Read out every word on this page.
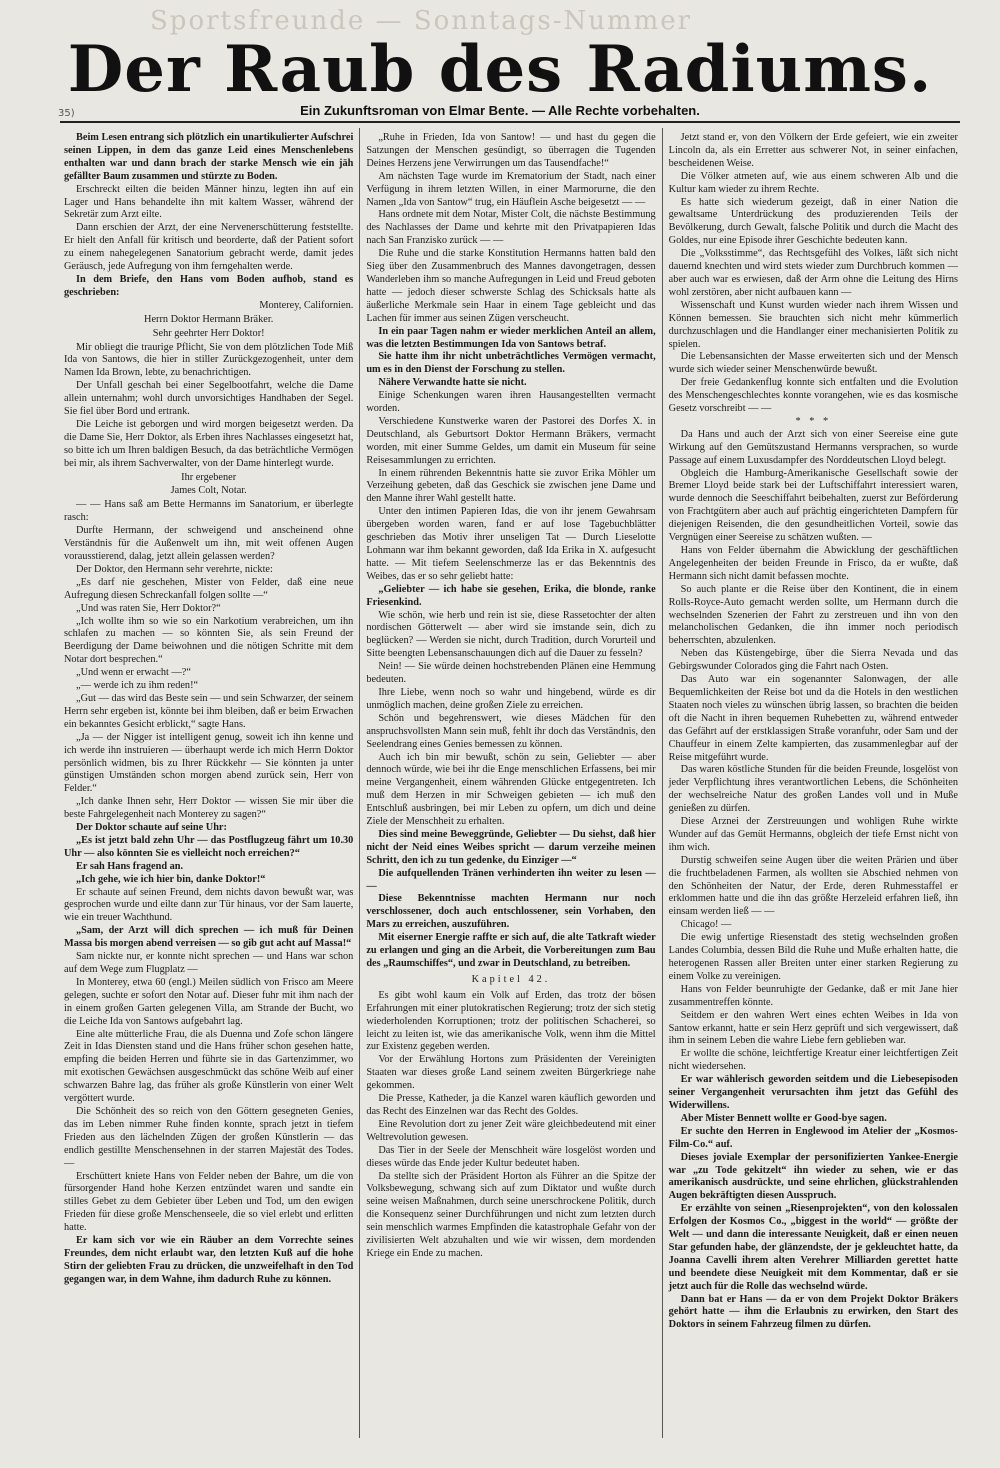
Sportsfreunde — Sonntags-Nummer
Der Raub des Radiums.
35)	Ein Zukunftsroman von Elmar Bente. — Alle Rechte vorbehalten.

Beim Lesen entrang sich plötzlich ein unartikulierter Aufschrei seinen Lippen, in dem das ganze Leid eines Menschenlebens enthalten war und dann brach der starke Mensch wie ein jäh gefällter Baum zusammen und stürzte zu Boden.

Erschreckt eilten die beiden Männer hinzu, legten ihn auf ein Lager und Hans behandelte ihn mit kaltem Wasser, während der Sekretär zum Arzt eilte.

Dann erschien der Arzt, der eine Nervenerschütterung feststellte. Er hielt den Anfall für kritisch und beorderte, daß der Patient sofort zu einem nahegelegenen Sanatorium gebracht werde, damit jedes Geräusch, jede Aufregung von ihm ferngehalten werde.

In dem Briefe, den Hans vom Boden aufhob, stand es geschrieben:

Monterey, Californien.

Herrn Doktor Hermann Bräker.

Sehr geehrter Herr Doktor!

Mir obliegt die traurige Pflicht, Sie von dem plötzlichen Tode Miß Ida von Santows, die hier in stiller Zurückgezogenheit, unter dem Namen Ida Brown, lebte, zu benachrichtigen.

Der Unfall geschah bei einer Segelbootfahrt, welche die Dame allein unternahm; wohl durch unvorsichtiges Handhaben der Segel. Sie fiel über Bord und ertrank.

Die Leiche ist geborgen und wird morgen beigesetzt werden. Da die Dame Sie, Herr Doktor, als Erben ihres Nachlasses eingesetzt hat, so bitte ich um Ihren baldigen Besuch, da das beträchtliche Vermögen bei mir, als ihrem Sachverwalter, von der Dame hinterlegt wurde.

Ihr ergebener

James Colt, Notar.

— — Hans saß am Bette Hermanns im Sanatorium, er überlegte rasch:

Durfte Hermann, der schweigend und anscheinend ohne Verständnis für die Außenwelt um ihn, mit weit offenen Augen vorausstierend, dalag, jetzt allein gelassen werden?

Der Doktor, den Hermann sehr verehrte, nickte:

„Es darf nie geschehen, Mister von Felder, daß eine neue Aufregung diesen Schreckanfall folgen sollte —“

„Und was raten Sie, Herr Doktor?“

„Ich wollte ihm so wie so ein Narkotium verabreichen, um ihn schlafen zu machen — so könnten Sie, als sein Freund der Beerdigung der Dame beiwohnen und die nötigen Schritte mit dem Notar dort besprechen.“

„Und wenn er erwacht —?“

„— werde ich zu ihm reden!“

„Gut — das wird das Beste sein — und sein Schwarzer, der seinem Herrn sehr ergeben ist, könnte bei ihm bleiben, daß er beim Erwachen ein bekanntes Gesicht erblickt,“ sagte Hans.

„Ja — der Nigger ist intelligent genug, soweit ich ihn kenne und ich werde ihn instruieren — überhaupt werde ich mich Herrn Doktor persönlich widmen, bis zu Ihrer Rückkehr — Sie könnten ja unter günstigen Umständen schon morgen abend zurück sein, Herr von Felder.“

„Ich danke Ihnen sehr, Herr Doktor — wissen Sie mir über die beste Fahrgelegenheit nach Monterey zu sagen?“

Der Doktor schaute auf seine Uhr:

„Es ist jetzt bald zehn Uhr — das Postflugzeug fährt um 10.30 Uhr — also könnten Sie es vielleicht noch erreichen?“

Er sah Hans fragend an.

„Ich gehe, wie ich hier bin, danke Doktor!“

Er schaute auf seinen Freund, dem nichts davon bewußt war, was gesprochen wurde und eilte dann zur Tür hinaus, vor der Sam lauerte, wie ein treuer Wachthund.

„Sam, der Arzt will dich sprechen — ich muß für Deinen Massa bis morgen abend verreisen — so gib gut acht auf Massa!“

Sam nickte nur, er konnte nicht sprechen — und Hans war schon auf dem Wege zum Flugplatz —

In Monterey, etwa 60 (engl.) Meilen südlich von Frisco am Meere gelegen, suchte er sofort den Notar auf. Dieser fuhr mit ihm nach der in einem großen Garten gelegenen Villa, am Strande der Bucht, wo die Leiche Ida von Santows aufgebahrt lag.

Eine alte mütterliche Frau, die als Duenna und Zofe schon längere Zeit in Idas Diensten stand und die Hans früher schon gesehen hatte, empfing die beiden Herren und führte sie in das Gartenzimmer, wo mit exotischen Gewächsen ausgeschmückt das schöne Weib auf einer schwarzen Bahre lag, das früher als große Künstlerin von einer Welt vergöttert wurde.

Die Schönheit des so reich von den Göttern gesegneten Genies, das im Leben nimmer Ruhe finden konnte, sprach jetzt in tiefem Frieden aus den lächelnden Zügen der großen Künstlerin — das endlich gestillte Menschensehnen in der starren Majestät des Todes. —

Erschüttert kniete Hans von Felder neben der Bahre, um die von fürsorgender Hand hohe Kerzen entzündet waren und sandte ein stilles Gebet zu dem Gebieter über Leben und Tod, um den ewigen Frieden für diese große Menschenseele, die so viel erlebt und erlitten hatte.

Er kam sich vor wie ein Räuber an dem Vorrechte seines Freundes, dem nicht erlaubt war, den letzten Kuß auf die hohe Stirn der geliebten Frau zu drücken, die unzweifelhaft in den Tod gegangen war, in dem Wahne, ihm dadurch Ruhe zu können.

„Ruhe in Frieden, Ida von Santow! — und hast du gegen die Satzungen der Menschen gesündigt, so überragen die Tugenden Deines Herzens jene Verwirrungen um das Tausendfache!“

Am nächsten Tage wurde im Krematorium der Stadt, nach einer Verfügung in ihrem letzten Willen, in einer Marmorurne, die den Namen „Ida von Santow“ trug, ein Häuflein Asche beigesetzt — —

Hans ordnete mit dem Notar, Mister Colt, die nächste Bestimmung des Nachlasses der Dame und kehrte mit den Privatpapieren Idas nach San Franzisko zurück — —

Die Ruhe und die starke Konstitution Hermanns hatten bald den Sieg über den Zusammenbruch des Mannes davongetragen, dessen Wanderleben ihm so manche Aufregungen in Leid und Freud geboten hatte — jedoch dieser schwerste Schlag des Schicksals hatte als äußerliche Merkmale sein Haar in einem Tage gebleicht und das Lachen für immer aus seinen Zügen verscheucht.

In ein paar Tagen nahm er wieder merklichen Anteil an allem, was die letzten Bestimmungen Ida von Santows betraf.

Sie hatte ihm ihr nicht unbeträchtliches Vermögen vermacht, um es in den Dienst der Forschung zu stellen.

Nähere Verwandte hatte sie nicht.

Einige Schenkungen waren ihren Hausangestellten vermacht worden.

Verschiedene Kunstwerke waren der Pastorei des Dorfes X. in Deutschland, als Geburtsort Doktor Hermann Bräkers, vermacht worden, mit einer Summe Geldes, um damit ein Museum für seine Reisesammlungen zu errichten.

In einem rührenden Bekenntnis hatte sie zuvor Erika Möhler um Verzeihung gebeten, daß das Geschick sie zwischen jene Dame und den Manne ihrer Wahl gestellt hatte.

Unter den intimen Papieren Idas, die von ihr jenem Gewahrsam übergeben worden waren, fand er auf lose Tagebuchblätter geschrieben das Motiv ihrer unseligen Tat — Durch Lieselotte Lohmann war ihm bekannt geworden, daß Ida Erika in X. aufgesucht hatte. — Mit tiefem Seelenschmerze las er das Bekenntnis des Weibes, das er so sehr geliebt hatte:

„Geliebter — ich habe sie gesehen, Erika, die blonde, ranke Friesenkind.

Wie schön, wie herb und rein ist sie, diese Rassetochter der alten nordischen Götterwelt — aber wird sie imstande sein, dich zu beglücken? — Werden sie nicht, durch Tradition, durch Vorurteil und Sitte beengten Lebensanschauungen dich auf die Dauer zu fesseln?

Nein! — Sie würde deinen hochstrebenden Plänen eine Hemmung bedeuten.

Ihre Liebe, wenn noch so wahr und hingebend, würde es dir unmöglich machen, deine großen Ziele zu erreichen.

Schön und begehrenswert, wie dieses Mädchen für den anspruchsvollsten Mann sein muß, fehlt ihr doch das Verständnis, den Seelendrang eines Genies bemessen zu können.

Auch ich bin mir bewußt, schön zu sein, Geliebter — aber dennoch würde, wie bei ihr die Enge menschlichen Erfassens, bei mir meine Vergangenheit, einem währenden Glücke entgegentreten. Ich muß dem Herzen in mir Schweigen gebieten — ich muß den Entschluß ausbringen, bei mir Leben zu opfern, um dich und deine Ziele der Menschheit zu erhalten.

Dies sind meine Beweggründe, Geliebter — Du siehst, daß hier nicht der Neid eines Weibes spricht — darum verzeihe meinen Schritt, den ich zu tun gedenke, du Einziger —“

Die aufquellenden Tränen verhinderten ihn weiter zu lesen — —

Diese Bekenntnisse machten Hermann nur noch verschlossener, doch auch entschlossener, sein Vorhaben, den Mars zu erreichen, auszuführen.

Mit eiserner Energie raffte er sich auf, die alte Tatkraft wieder zu erlangen und ging an die Arbeit, die Vorbereitungen zum Bau des „Raumschiffes“, und zwar in Deutschland, zu betreiben.

Kapitel 42.

Es gibt wohl kaum ein Volk auf Erden, das trotz der bösen Erfahrungen mit einer plutokratischen Regierung; trotz der sich stetig wiederholenden Korruptionen; trotz der politischen Schacherei, so leicht zu leiten ist, wie das amerikanische Volk, wenn ihm die Mittel zur Existenz gegeben werden.

Vor der Erwählung Hortons zum Präsidenten der Vereinigten Staaten war dieses große Land seinem zweiten Bürgerkriege nahe gekommen.

Die Presse, Katheder, ja die Kanzel waren käuflich geworden und das Recht des Einzelnen war das Recht des Goldes.

Eine Revolution dort zu jener Zeit wäre gleichbedeutend mit einer Weltrevolution gewesen.

Das Tier in der Seele der Menschheit wäre losgelöst worden und dieses würde das Ende jeder Kultur bedeutet haben.

Da stellte sich der Präsident Horton als Führer an die Spitze der Volksbewegung, schwang sich auf zum Diktator und wußte durch seine weisen Maßnahmen, durch seine unerschrockene Politik, durch die Konsequenz seiner Durchführungen und nicht zum letzten durch sein menschlich warmes Empfinden die katastrophale Gefahr von der zivilisierten Welt abzuhalten und wie wir wissen, dem mordenden Kriege ein Ende zu machen.

Jetzt stand er, von den Völkern der Erde gefeiert, wie ein zweiter Lincoln da, als ein Erretter aus schwerer Not, in seiner einfachen, bescheidenen Weise.

Die Völker atmeten auf, wie aus einem schweren Alb und die Kultur kam wieder zu ihrem Rechte.

Es hatte sich wiederum gezeigt, daß in einer Nation die gewaltsame Unterdrückung des produzierenden Teils der Bevölkerung, durch Gewalt, falsche Politik und durch die Macht des Goldes, nur eine Episode ihrer Geschichte bedeuten kann.

Die „Volksstimme“, das Rechtsgefühl des Volkes, läßt sich nicht dauernd knechten und wird stets wieder zum Durchbruch kommen — aber auch war es erwiesen, daß der Arm ohne die Leitung des Hirns wohl zerstören, aber nicht aufbauen kann —

Wissenschaft und Kunst wurden wieder nach ihrem Wissen und Können bemessen. Sie brauchten sich nicht mehr kümmerlich durchzuschlagen und die Handlanger einer mechanisierten Politik zu spielen.

Die Lebensansichten der Masse erweiterten sich und der Mensch wurde sich wieder seiner Menschenwürde bewußt.

Der freie Gedankenflug konnte sich entfalten und die Evolution des Menschengeschlechtes konnte vorangehen, wie es das kosmische Gesetz vorschreibt — —

* * *

Da Hans und auch der Arzt sich von einer Seereise eine gute Wirkung auf den Gemütszustand Hermanns versprachen, so wurde Passage auf einem Luxusdampfer des Norddeutschen Lloyd belegt.

Obgleich die Hamburg-Amerikanische Gesellschaft sowie der Bremer Lloyd beide stark bei der Luftschiffahrt interessiert waren, wurde dennoch die Seeschiffahrt beibehalten, zuerst zur Beförderung von Frachtgütern aber auch auf prächtig eingerichteten Dampfern für diejenigen Reisenden, die den gesundheitlichen Vorteil, sowie das Vergnügen einer Seereise zu schätzen wußten. —

Hans von Felder übernahm die Abwicklung der geschäftlichen Angelegenheiten der beiden Freunde in Frisco, da er wußte, daß Hermann sich nicht damit befassen mochte.

So auch plante er die Reise über den Kontinent, die in einem Rolls-Royce-Auto gemacht werden sollte, um Hermann durch die wechselnden Szenerien der Fahrt zu zerstreuen und ihn von den melancholischen Gedanken, die ihn immer noch periodisch beherrschten, abzulenken.

Neben das Küstengebirge, über die Sierra Nevada und das Gebirgswunder Colorados ging die Fahrt nach Osten.

Das Auto war ein sogenannter Salonwagen, der alle Bequemlichkeiten der Reise bot und da die Hotels in den westlichen Staaten noch vieles zu wünschen übrig lassen, so brachten die beiden oft die Nacht in ihren bequemen Ruhebetten zu, während entweder das Gefährt auf der erstklassigen Straße voranfuhr, oder Sam und der Chauffeur in einem Zelte kampierten, das zusammenlegbar auf der Reise mitgeführt wurde.

Das waren köstliche Stunden für die beiden Freunde, losgelöst von jeder Verpflichtung ihres verantwortlichen Lebens, die Schönheiten der wechselreiche Natur des großen Landes voll und in Muße genießen zu dürfen.

Diese Arznei der Zerstreuungen und wohligen Ruhe wirkte Wunder auf das Gemüt Hermanns, obgleich der tiefe Ernst nicht von ihm wich.

Durstig schweifen seine Augen über die weiten Prärien und über die fruchtbeladenen Farmen, als wollten sie Abschied nehmen von den Schönheiten der Natur, der Erde, deren Ruhmesstaffel er erklommen hatte und die ihn das größte Herzeleid erfahren ließ, ihn einsam werden ließ — —

Chicago! —

Die ewig unfertige Riesenstadt des stetig wechselnden großen Landes Columbia, dessen Bild die Ruhe und Muße erhalten hatte, die heterogenen Rassen aller Breiten unter einer starken Regierung zu einem Volke zu vereinigen.

Hans von Felder beunruhigte der Gedanke, daß er mit Jane hier zusammentreffen könnte.

Seitdem er den wahren Wert eines echten Weibes in Ida von Santow erkannt, hatte er sein Herz geprüft und sich vergewissert, daß ihm in seinem Leben die wahre Liebe fern geblieben war.

Er wollte die schöne, leichtfertige Kreatur einer leichtfertigen Zeit nicht wiedersehen.

Er war wählerisch geworden seitdem und die Liebesepisoden seiner Vergangenheit verursachten ihm jetzt das Gefühl des Widerwillens.

Aber Mister Bennett wollte er Good-bye sagen.

Er suchte den Herren in Englewood im Atelier der „Kosmos-Film-Co.“ auf.

Dieses joviale Exemplar der personifizierten Yankee-Energie war „zu Tode gekitzelt“ ihn wieder zu sehen, wie er das amerikanisch ausdrückte, und seine ehrlichen, glückstrahlenden Augen bekräftigten diesen Ausspruch.

Er erzählte von seinen „Riesenprojekten“, von den kolossalen Erfolgen der Kosmos Co., „biggest in the world“ — größte der Welt — und dann die interessante Neuigkeit, daß er einen neuen Star gefunden habe, der glänzendste, der je gekleuchtet hatte, da Joanna Cavelli ihrem alten Verehrer Milliarden gerettet hatte und beendete diese Neuigkeit mit dem Kommentar, daß er sie jetzt auch für die Rolle das wechselnd würde.

Dann bat er Hans — da er von dem Projekt Doktor Bräkers gehört hatte — ihm die Erlaubnis zu erwirken, den Start des Doktors in seinem Fahrzeug filmen zu dürfen.
